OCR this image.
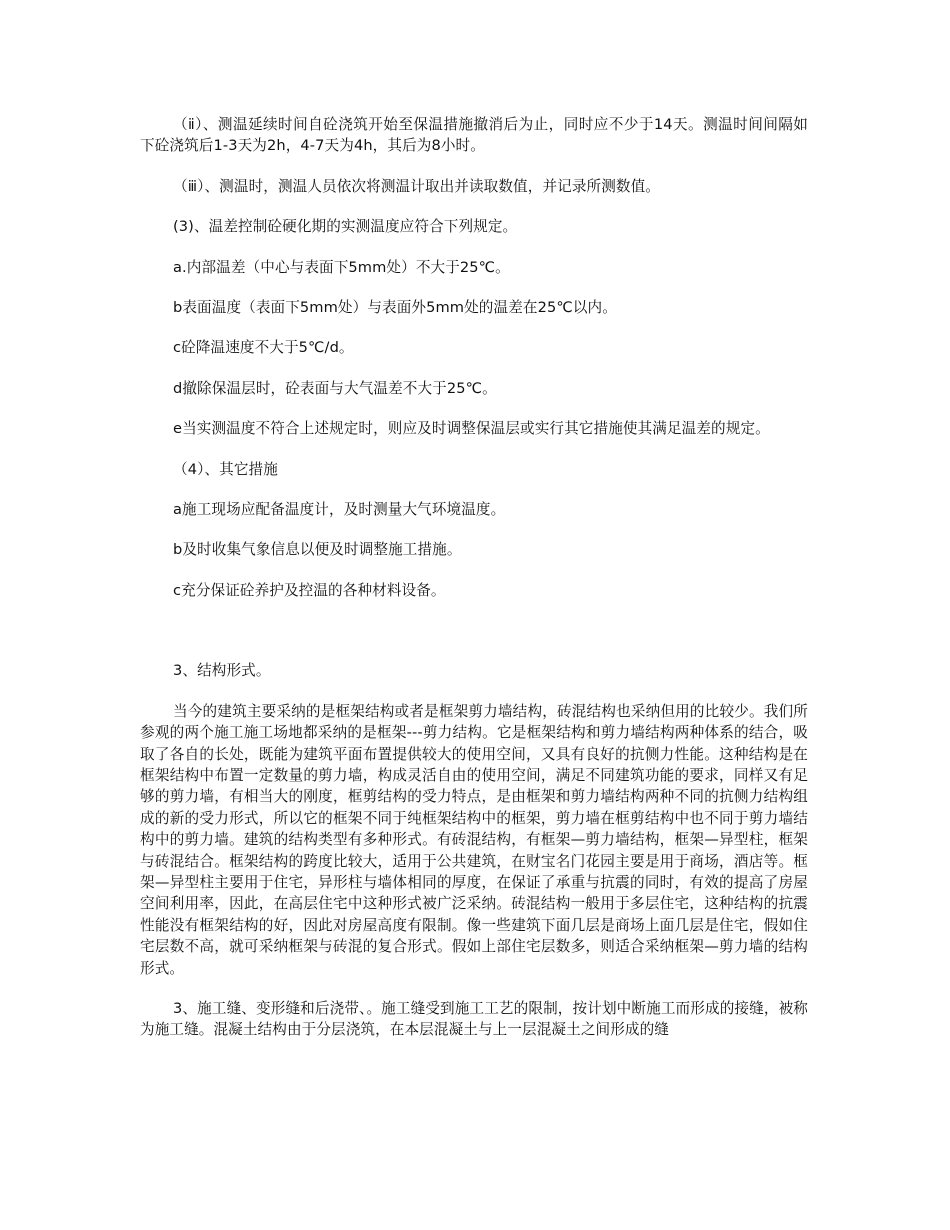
（ⅱ）、测温延续时间自砼浇筑开始至保温措施撤消后为止，同时应不少于14天。测温时间间隔如下砼浇筑后1-3天为2h，4-7天为4h，其后为8小时。

（ⅲ）、测温时，测温人员依次将测温计取出并读取数值，并记录所测数值。

(3)、温差控制砼硬化期的实测温度应符合下列规定。

a.内部温差（中心与表面下5mm处）不大于25℃。

b表面温度（表面下5mm处）与表面外5mm处的温差在25℃以内。

c砼降温速度不大于5℃/d。

d撤除保温层时，砼表面与大气温差不大于25℃。

e当实测温度不符合上述规定时，则应及时调整保温层或实行其它措施使其满足温差的规定。

（4）、其它措施

a施工现场应配备温度计，及时测量大气环境温度。

b及时收集气象信息以便及时调整施工措施。

c充分保证砼养护及控温的各种材料设备。

3、结构形式。

当今的建筑主要采纳的是框架结构或者是框架剪力墙结构，砖混结构也采纳但用的比较少。我们所参观的两个施工施工场地都采纳的是框架---剪力结构。它是框架结构和剪力墙结构两种体系的结合，吸取了各自的长处，既能为建筑平面布置提供较大的使用空间，又具有良好的抗侧力性能。这种结构是在框架结构中布置一定数量的剪力墙，构成灵活自由的使用空间，满足不同建筑功能的要求，同样又有足够的剪力墙，有相当大的刚度，框剪结构的受力特点，是由框架和剪力墙结构两种不同的抗侧力结构组成的新的受力形式，所以它的框架不同于纯框架结构中的框架，剪力墙在框剪结构中也不同于剪力墙结构中的剪力墙。建筑的结构类型有多种形式。有砖混结构，有框架—剪力墙结构，框架—异型柱，框架与砖混结合。框架结构的跨度比较大，适用于公共建筑，在财宝名门花园主要是用于商场，酒店等。框架—异型柱主要用于住宅，异形柱与墙体相同的厚度，在保证了承重与抗震的同时，有效的提高了房屋空间利用率，因此，在高层住宅中这种形式被广泛采纳。砖混结构一般用于多层住宅，这种结构的抗震性能没有框架结构的好，因此对房屋高度有限制。像一些建筑下面几层是商场上面几层是住宅，假如住宅层数不高，就可采纳框架与砖混的复合形式。假如上部住宅层数多，则适合采纳框架—剪力墙的结构形式。

3、施工缝、变形缝和后浇带、。施工缝受到施工工艺的限制，按计划中断施工而形成的接缝，被称为施工缝。混凝土结构由于分层浇筑，在本层混凝土与上一层混凝土之间形成的缝
